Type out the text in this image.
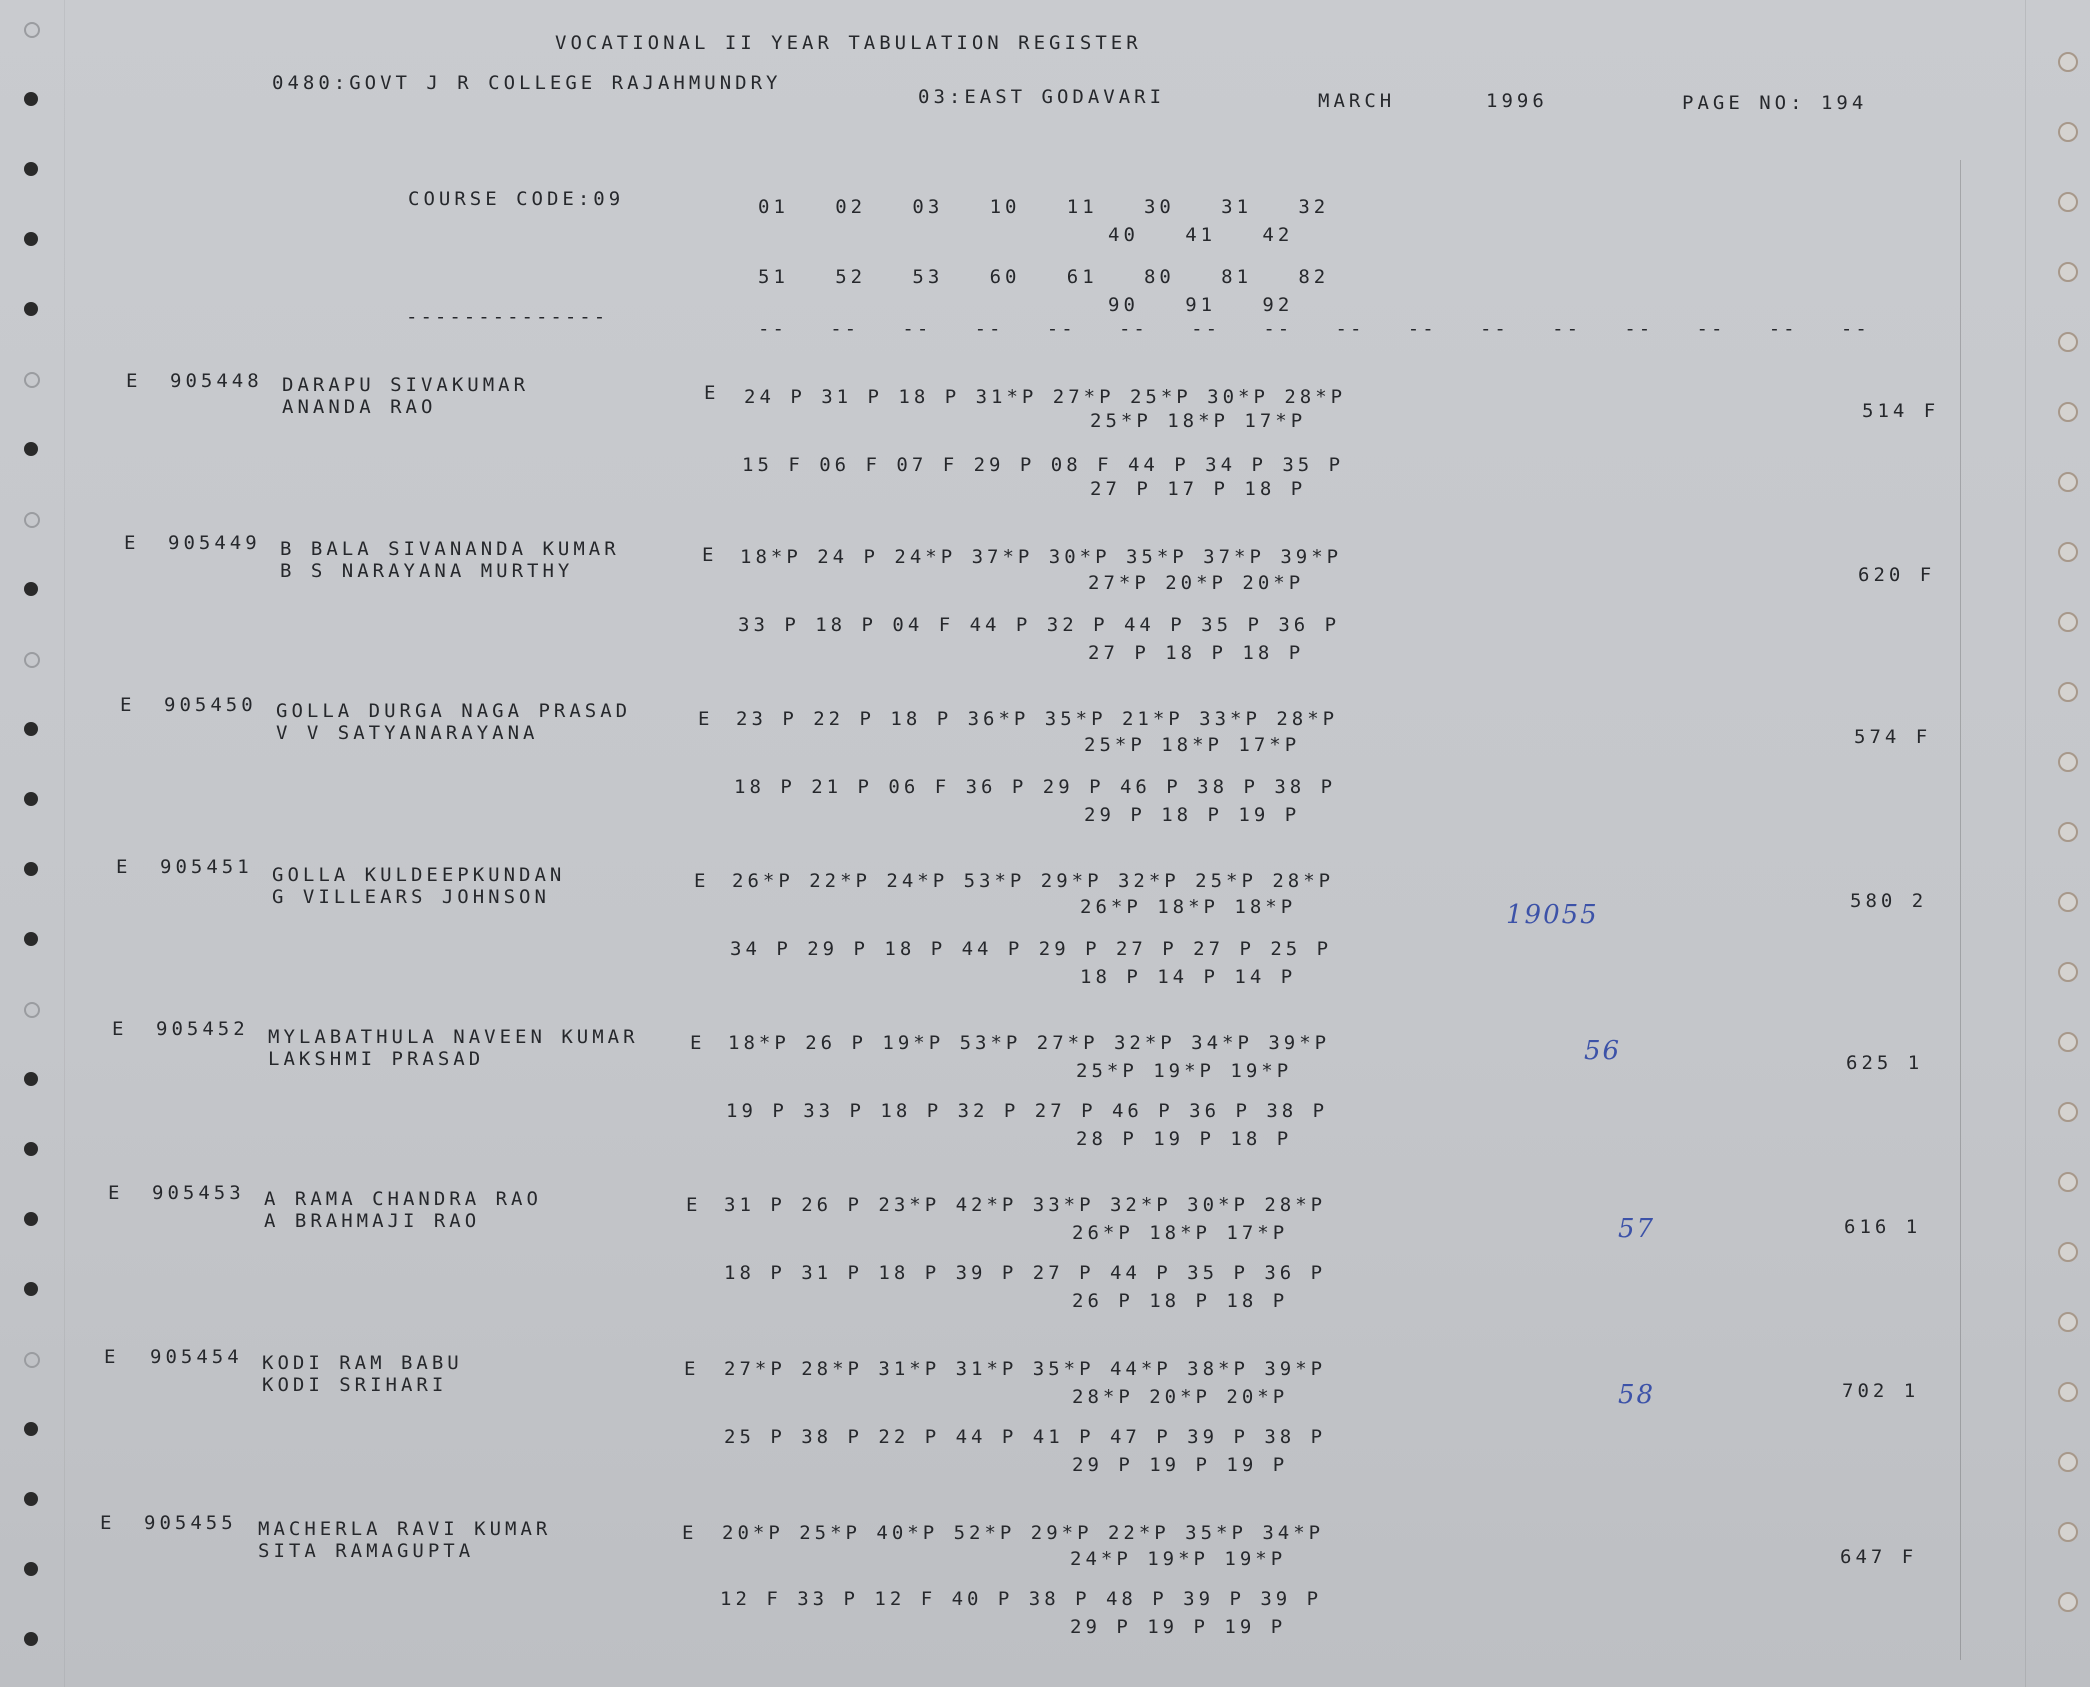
VOCATIONAL II YEAR TABULATION REGISTER
0480:GOVT J R COLLEGE RAJAHMUNDRY
03:EAST GODAVARI	MARCH	1996	PAGE NO: 194
COURSE CODE:09	01   02   03   10   11   30   31   32
40   41   42
51   52   53   60   61   80   81   82
90   91   92
--------------
--   --   --   --   --   --   --   --   --   --   --   --   --   --   --   --
E 905448 DARAPU SIVAKUMAR
ANANDA RAO
E 24 P 31 P 18 P 31*P 27*P 25*P 30*P 28*P
25*P 18*P 17*P
15 F 06 F 07 F 29 P 08 F 44 P 34 P 35 P
27 P 17 P 18 P
514 F
E 905449 B BALA SIVANANDA KUMAR
B S NARAYANA MURTHY
E 18*P 24 P 24*P 37*P 30*P 35*P 37*P 39*P
27*P 20*P 20*P
33 P 18 P 04 F 44 P 32 P 44 P 35 P 36 P
27 P 18 P 18 P
620 F
E 905450 GOLLA DURGA NAGA PRASAD
V V SATYANARAYANA
E 23 P 22 P 18 P 36*P 35*P 21*P 33*P 28*P
25*P 18*P 17*P
18 P 21 P 06 F 36 P 29 P 46 P 38 P 38 P
29 P 18 P 19 P
574 F
E 905451 GOLLA KULDEEPKUNDAN
G VILLEARS JOHNSON
E 26*P 22*P 24*P 53*P 29*P 32*P 25*P 28*P
26*P 18*P 18*P
34 P 29 P 18 P 44 P 29 P 27 P 27 P 25 P
18 P 14 P 14 P
580 2
19055
E 905452 MYLABATHULA NAVEEN KUMAR
LAKSHMI PRASAD
E 18*P 26 P 19*P 53*P 27*P 32*P 34*P 39*P
25*P 19*P 19*P
19 P 33 P 18 P 32 P 27 P 46 P 36 P 38 P
28 P 19 P 18 P
625 1
56
E 905453 A RAMA CHANDRA RAO
A BRAHMAJI RAO
E 31 P 26 P 23*P 42*P 33*P 32*P 30*P 28*P
26*P 18*P 17*P
18 P 31 P 18 P 39 P 27 P 44 P 35 P 36 P
26 P 18 P 18 P
616 1
57
E 905454 KODI RAM BABU
KODI SRIHARI
E 27*P 28*P 31*P 31*P 35*P 44*P 38*P 39*P
28*P 20*P 20*P
25 P 38 P 22 P 44 P 41 P 47 P 39 P 38 P
29 P 19 P 19 P
702 1
58
E 905455 MACHERLA RAVI KUMAR
SITA RAMAGUPTA
E 20*P 25*P 40*P 52*P 29*P 22*P 35*P 34*P
24*P 19*P 19*P
12 F 33 P 12 F 40 P 38 P 48 P 39 P 39 P
29 P 19 P 19 P
647 F
